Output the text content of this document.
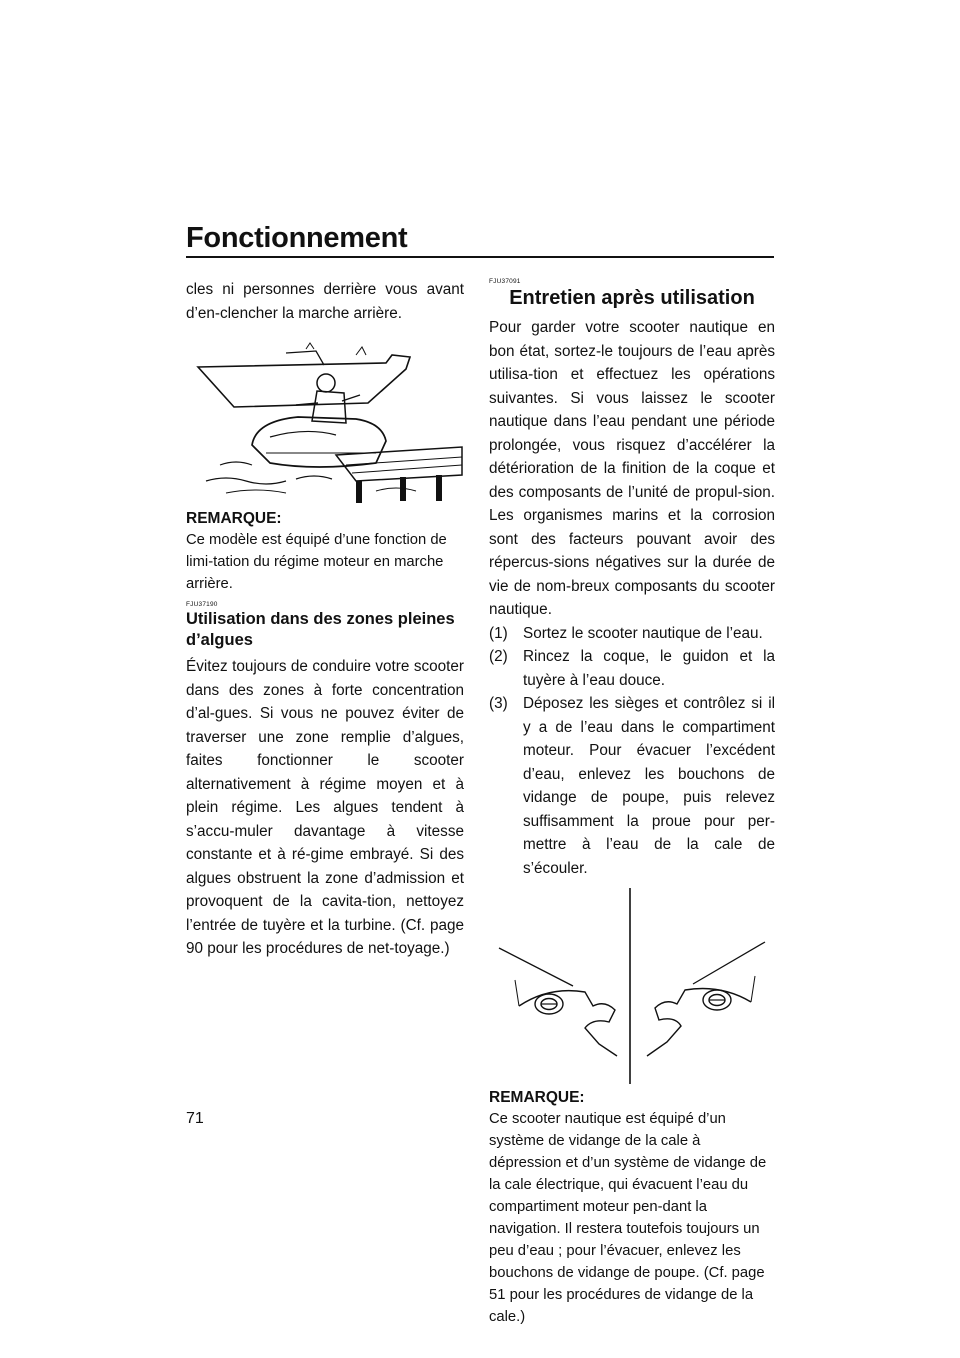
Fonctionnement

cles ni personnes derrière vous avant d’en-clencher la marche arrière.

REMARQUE:

Ce modèle est équipé d’une fonction de limi-tation du régime moteur en marche arrière.

FJU37190
Utilisation dans des zones pleines d’algues

Évitez toujours de conduire votre scooter dans des zones à forte concentration d’al-gues. Si vous ne pouvez éviter de traverser une zone remplie d’algues, faites fonctionner le scooter alternativement à régime moyen et à plein régime. Les algues tendent à s’accu-muler davantage à vitesse constante et à ré-gime embrayé. Si des algues obstruent la zone d’admission et provoquent de la cavita-tion, nettoyez l’entrée de tuyère et la turbine. (Cf. page 90 pour les procédures de net-toyage.)

FJU37091
Entretien après utilisation

Pour garder votre scooter nautique en bon état, sortez-le toujours de l’eau après utilisa-tion et effectuez les opérations suivantes. Si vous laissez le scooter nautique dans l’eau pendant une période prolongée, vous risquez d’accélérer la détérioration de la finition de la coque et des composants de l’unité de propul-sion. Les organismes marins et la corrosion sont des facteurs pouvant avoir des répercus-sions négatives sur la durée de vie de nom-breux composants du scooter nautique.

(1) Sortez le scooter nautique de l’eau.
(2) Rincez la coque, le guidon et la tuyère à l’eau douce.
(3) Déposez les sièges et contrôlez si il y a de l’eau dans le compartiment moteur. Pour évacuer l’excédent d’eau, enlevez les bouchons de vidange de poupe, puis relevez suffisamment la proue pour per-mettre à l’eau de la cale de s’écouler.
REMARQUE:

Ce scooter nautique est équipé d’un système de vidange de la cale à dépression et d’un système de vidange de la cale électrique, qui évacuent l’eau du compartiment moteur pen-dant la navigation. Il restera toutefois toujours un peu d’eau ; pour l’évacuer, enlevez les bouchons de vidange de poupe. (Cf. page 51 pour les procédures de vidange de la cale.)

71
